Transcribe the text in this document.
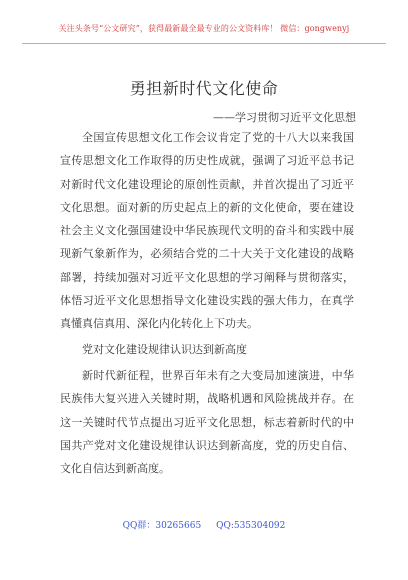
关注头条号“公文研究”，获得最新最全最专业的公文资料库！ 微信：gongwenyj
勇担新时代文化使命
——学习贯彻习近平文化思想

全国宣传思想文化工作会议肯定了党的十八大以来我国宣传思想文化工作取得的历史性成就，强调了习近平总书记对新时代文化建设理论的原创性贡献，并首次提出了习近平文化思想。面对新的历史起点上的新的文化使命，要在建设社会主义文化强国建设中华民族现代文明的奋斗和实践中展现新气象新作为，必须结合党的二十大关于文化建设的战略部署，持续加强对习近平文化思想的学习阐释与贯彻落实，体悟习近平文化思想指导文化建设实践的强大伟力，在真学真懂真信真用、深化内化转化上下功夫。

党对文化建设规律认识达到新高度

新时代新征程，世界百年未有之大变局加速演进，中华民族伟大复兴进入关键时期，战略机遇和风险挑战并存。在这一关键时代节点提出习近平文化思想，标志着新时代的中国共产党对文化建设规律认识达到新高度，党的历史自信、文化自信达到新高度。

QQ群：30265665 QQ:535304092
